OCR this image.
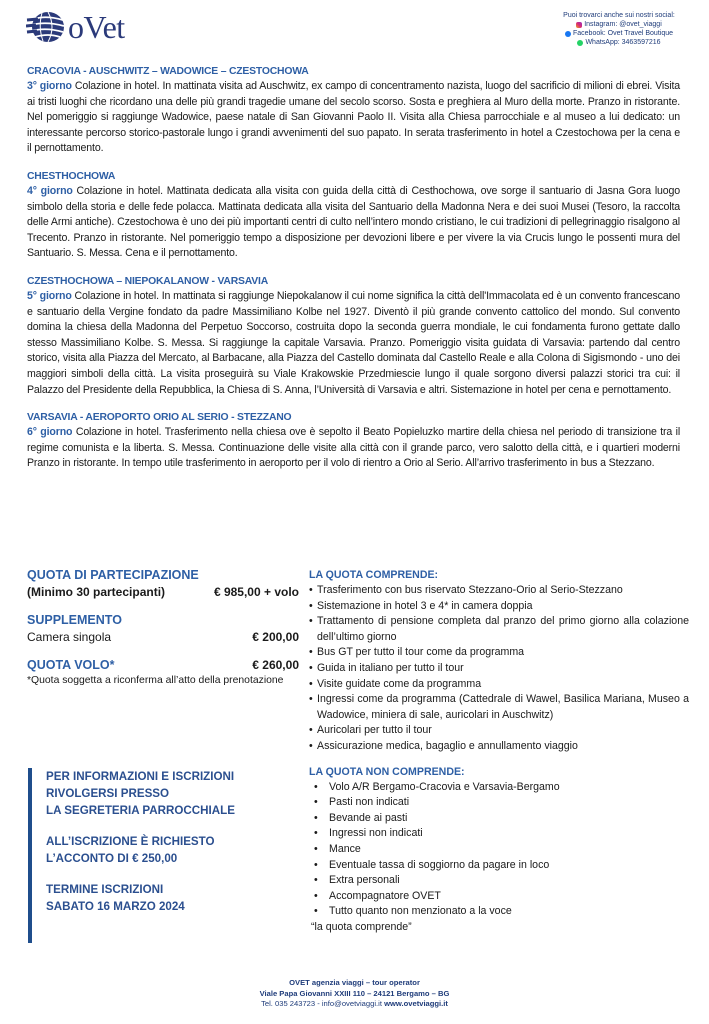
oVet	Puoi trovarci anche sui nostri social:
Instagram: @ovet_viaggi
Facebook: Ovet Travel Boutique
WhatsApp: 3463597216
CRACOVIA - AUSCHWITZ – WADOWICE – CZESTOCHOWA

3° giorno Colazione in hotel. In mattinata visita ad Auschwitz, ex campo di concentramento nazista, luogo del sacrificio di milioni di ebrei. Visita ai tristi luoghi che ricordano una delle più grandi tragedie umane del secolo scorso. Sosta e preghiera al Muro della morte. Pranzo in ristorante. Nel pomeriggio si raggiunge Wadowice, paese natale di San Giovanni Paolo II. Visita alla Chiesa parrocchiale e al museo a lui dedicato: un interessante percorso storico-pastorale lungo i grandi avvenimenti del suo papato. In serata trasferimento in hotel a Czestochowa per la cena e il pernottamento.

CHESTHOCHOWA

4° giorno Colazione in hotel. Mattinata dedicata alla visita con guida della città di Cesthochowa, ove sorge il santuario di Jasna Gora luogo simbolo della storia e delle fede polacca. Mattinata dedicata alla visita del Santuario della Madonna Nera e dei suoi Musei (Tesoro, la raccolta delle Armi antiche). Czestochowa è uno dei più importanti centri di culto nell’intero mondo cristiano, le cui tradizioni di pellegrinaggio risalgono al Trecento. Pranzo in ristorante. Nel pomeriggio tempo a disposizione per devozioni libere e per vivere la via Crucis lungo le possenti mura del Santuario. S. Messa. Cena e il pernottamento.

CZESTHOCHOWA – NIEPOKALANOW - VARSAVIA

5° giorno Colazione in hotel. In mattinata si raggiunge Niepokalanow il cui nome significa la città dell'Immacolata ed è un convento francescano e santuario della Vergine fondato da padre Massimiliano Kolbe nel 1927. Diventò il più grande convento cattolico del mondo. Sul convento domina la chiesa della Madonna del Perpetuo Soccorso, costruita dopo la seconda guerra mondiale, le cui fondamenta furono gettate dallo stesso Massimiliano Kolbe. S. Messa. Si raggiunge la capitale Varsavia. Pranzo. Pomeriggio visita guidata di Varsavia: partendo dal centro storico, visita alla Piazza del Mercato, al Barbacane, alla Piazza del Castello dominata dal Castello Reale e alla Colona di Sigismondo - uno dei maggiori simboli della città. La visita proseguirà su Viale Krakowskie Przedmiescie lungo il quale sorgono diversi palazzi storici tra cui: il Palazzo del Presidente della Repubblica, la Chiesa di S. Anna, l’Università di Varsavia e altri. Sistemazione in hotel per cena e pernottamento.

VARSAVIA - AEROPORTO ORIO AL SERIO - STEZZANO

6° giorno Colazione in hotel. Trasferimento nella chiesa ove è sepolto il Beato Popieluzko martire della chiesa nel periodo di transizione tra il regime comunista e la liberta. S. Messa. Continuazione delle visite alla città con il grande parco, vero salotto della città, e i quartieri moderni Pranzo in ristorante. In tempo utile trasferimento in aeroporto per il volo di rientro a Orio al Serio. All’arrivo trasferimento in bus a Stezzano.

QUOTA DI PARTECIPAZIONE
(Minimo 30 partecipanti)	€ 985,00 + volo
SUPPLEMENTO
Camera singola	€ 200,00
QUOTA VOLO*	€ 260,00
*Quota soggetta a riconferma all’atto della prenotazione
LA QUOTA COMPRENDE:
• Trasferimento con bus riservato Stezzano-Orio al Serio-Stezzano
• Sistemazione in hotel 3 e 4* in camera doppia
• Trattamento di pensione completa dal pranzo del primo giorno alla colazione dell’ultimo giorno
• Bus GT per tutto il tour come da programma
• Guida in italiano per tutto il tour
• Visite guidate come da programma
• Ingressi come da programma (Cattedrale di Wawel, Basilica Mariana, Museo a Wadowice, miniera di sale, auricolari in Auschwitz)
• Auricolari per tutto il tour
• Assicurazione medica, bagaglio e annullamento viaggio
LA QUOTA NON COMPRENDE:
• Volo A/R Bergamo-Cracovia e Varsavia-Bergamo
• Pasti non indicati
• Bevande ai pasti
• Ingressi non indicati
• Mance
• Eventuale tassa di soggiorno da pagare in loco
• Extra personali
• Accompagnatore OVET
• Tutto quanto non menzionato a la voce
“la quota comprende”

PER INFORMAZIONI E ISCRIZIONI
RIVOLGERSI PRESSO
LA SEGRETERIA PARROCCHIALE

ALL’ISCRIZIONE È RICHIESTO
L’ACCONTO DI € 250,00

TERMINE ISCRIZIONI
SABATO 16 MARZO 2024

OVET agenzia viaggi – tour operator
Viale Papa Giovanni XXIII 110 – 24121 Bergamo – BG
Tel. 035 243723 - info@ovetviaggi.it www.ovetviaggi.it
